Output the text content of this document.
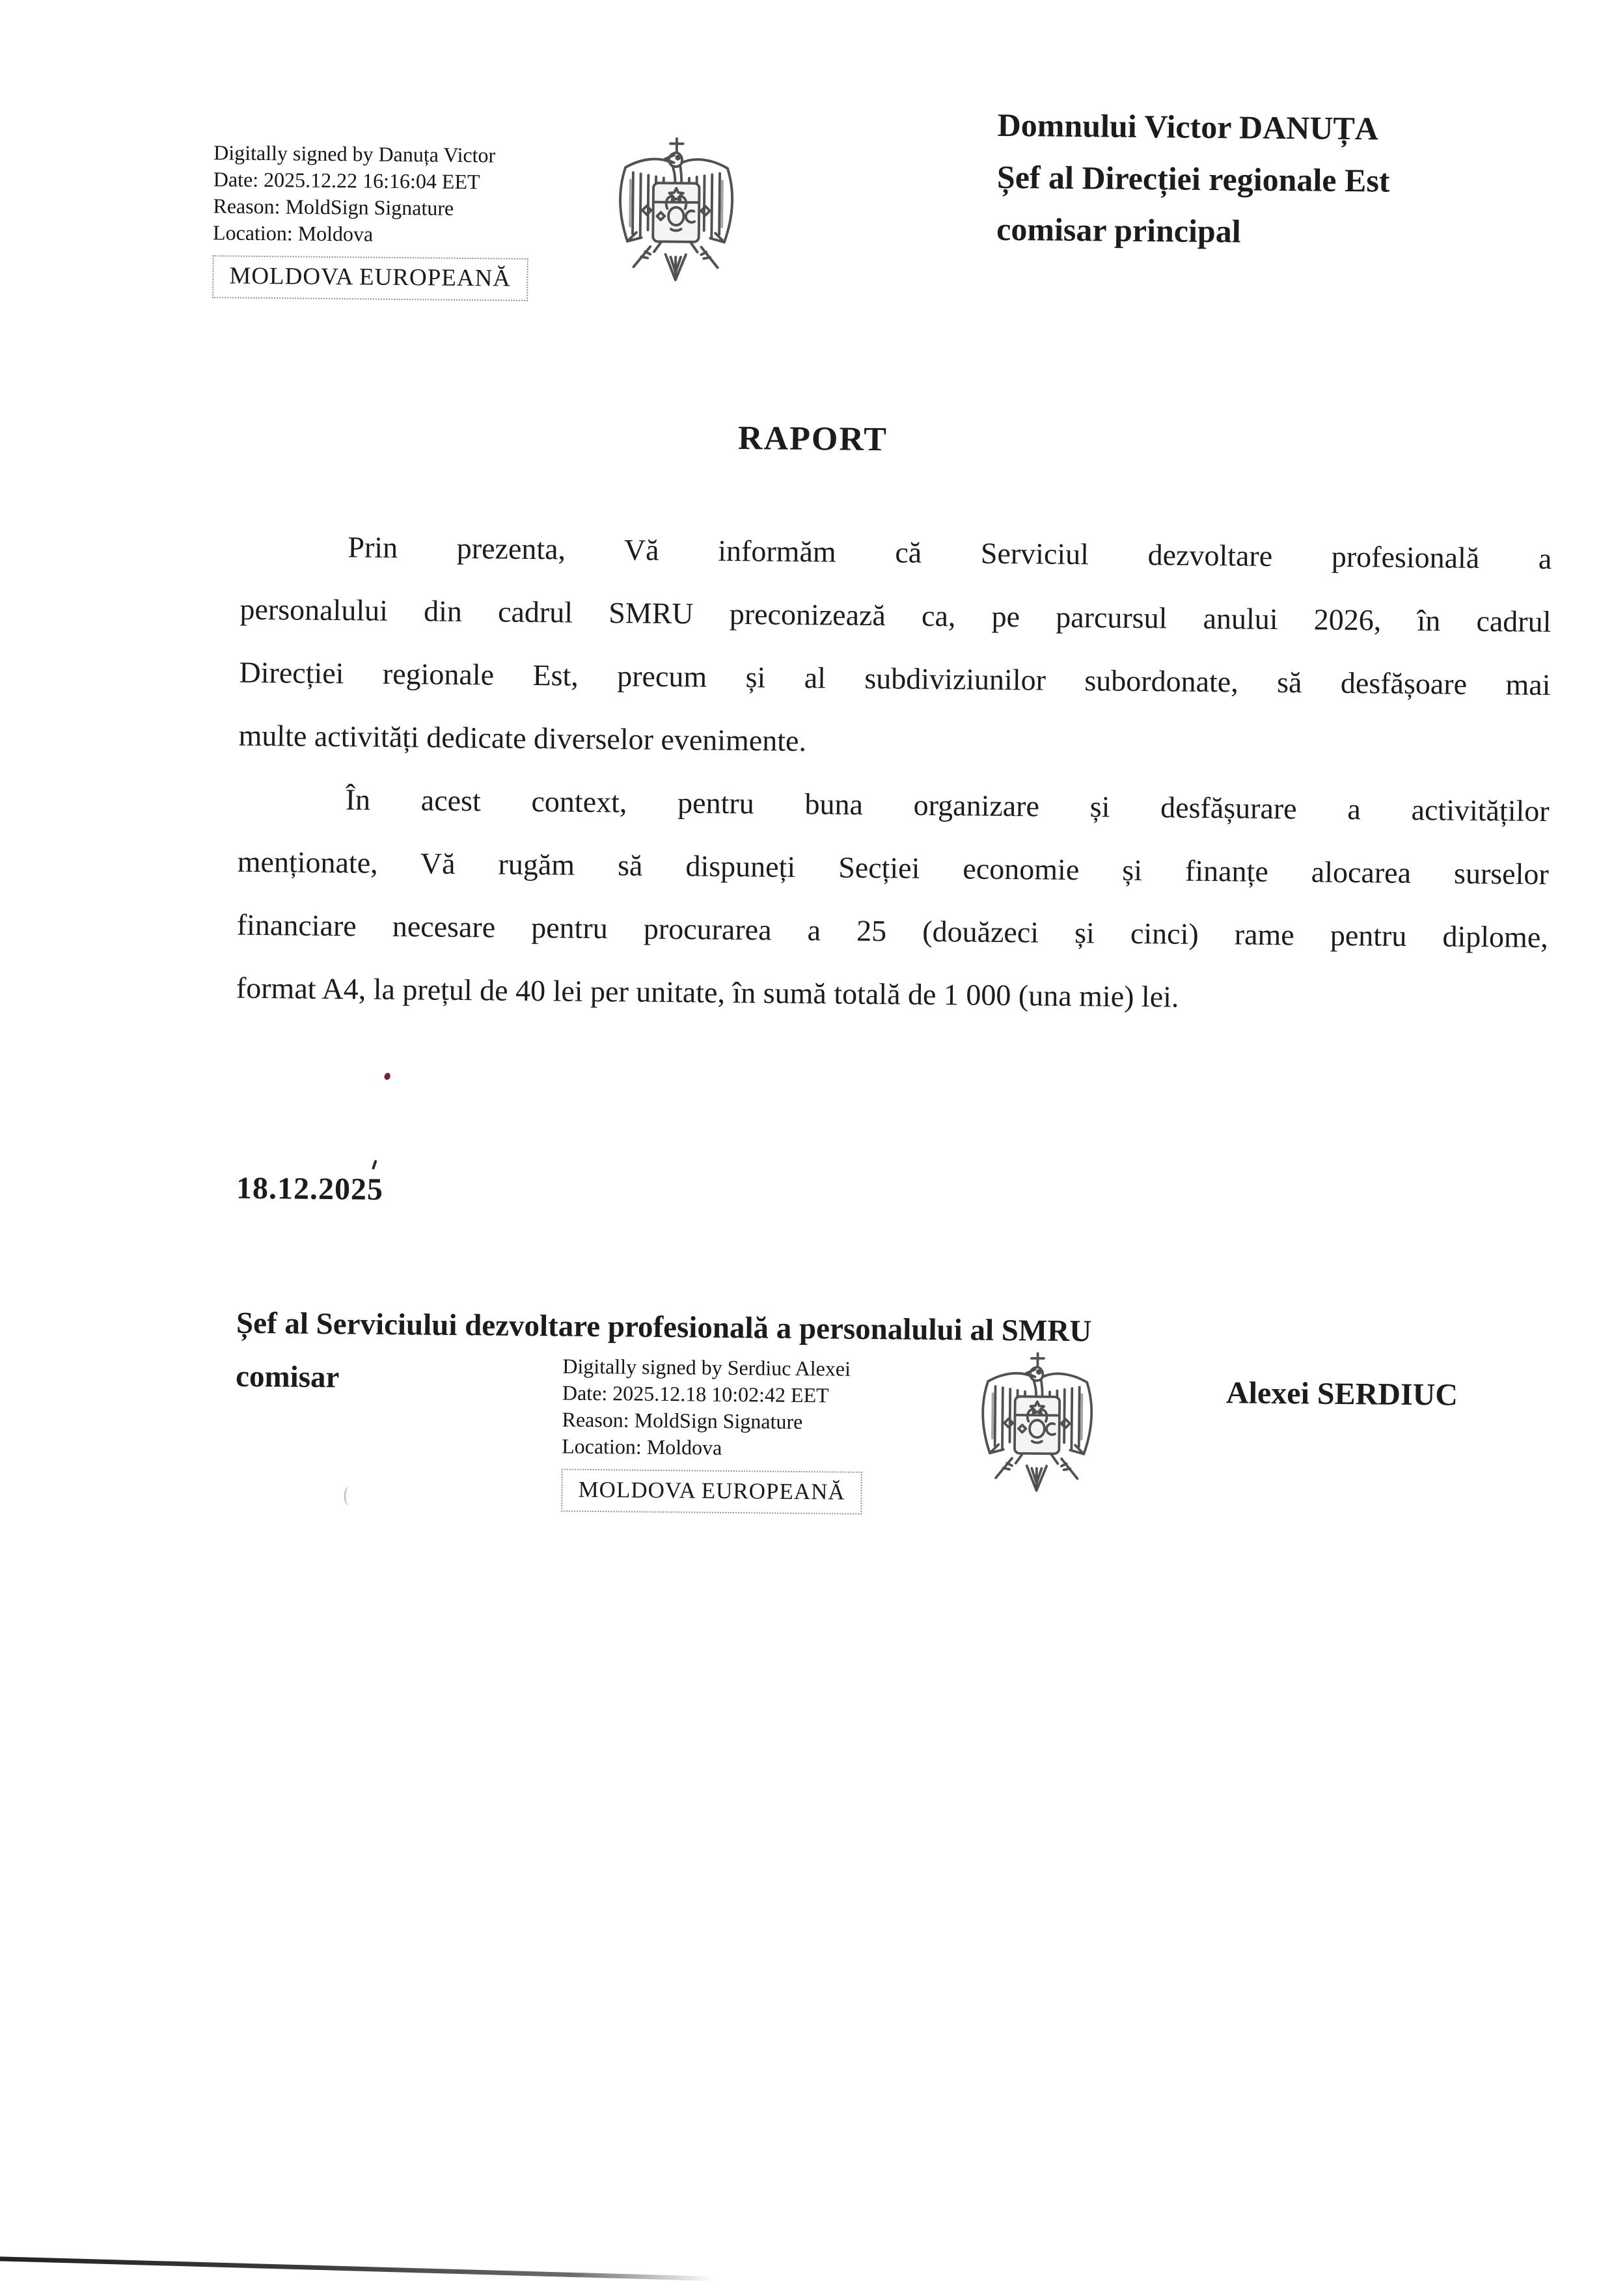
Digitally signed by Danuța Victor
Date: 2025.12.22 16:16:04 EET
Reason: MoldSign Signature
Location: Moldova
MOLDOVA EUROPEANĂ
Domnului Victor DANUȚA
Șef al Direcției regionale Est
comisar principal
RAPORT
Prin prezenta, Vă informăm că Serviciul dezvoltare profesională a
personalului din cadrul SMRU preconizează ca, pe parcursul anului 2026, în cadrul
Direcției regionale Est, precum și al subdiviziunilor subordonate, să desfășoare mai
multe activități dedicate diverselor evenimente.
În acest context, pentru buna organizare și desfășurare a activităților
menționate, Vă rugăm să dispuneți Secției economie și finanțe alocarea surselor
financiare necesare pentru procurarea a 25 (douăzeci și cinci) rame pentru diplome,
format A4, la prețul de 40 lei per unitate, în sumă totală de 1 000 (una mie) lei.
18.12.2025
Șef al Serviciului dezvoltare profesională a personalului al SMRU
comisar	Digitally signed by Serdiuc Alexei
Date: 2025.12.18 10:02:42 EET
Reason: MoldSign Signature
Location: Moldova
MOLDOVA EUROPEANĂ
Alexei SERDIUC
